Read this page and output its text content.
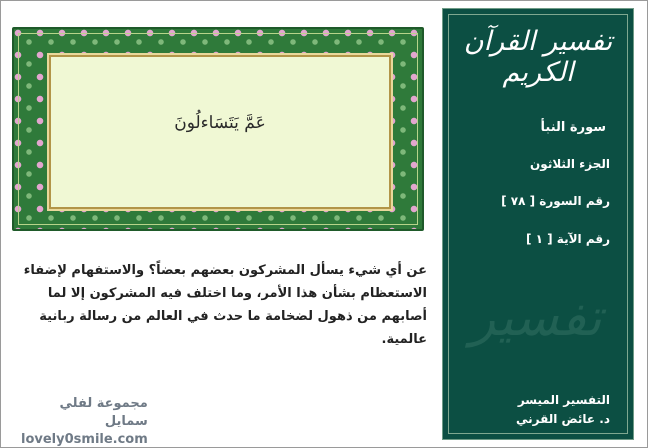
عَمَّ يَتَسَاءلُونَ
عن أي شيء يسأل المشركون بعضهم بعضاً؟ والاستفهام لإضفاء الاستعظام بشأن هذا الأمر، وما اختلف فيه المشركون إلا لما أصابهم من ذهول لضخامة ما حدث في العالم من رسالة ربانية عالمية.
مجموعة لفلي سمايل
lovely0smile.com
تفسير القرآن الكريم
سورة النبأ
الجزء الثلاثون
رقم السورة [ ٧٨ ]
رقم الآية [ ١ ]
تفسير
التفسير الميسر
د. عائض القرني
